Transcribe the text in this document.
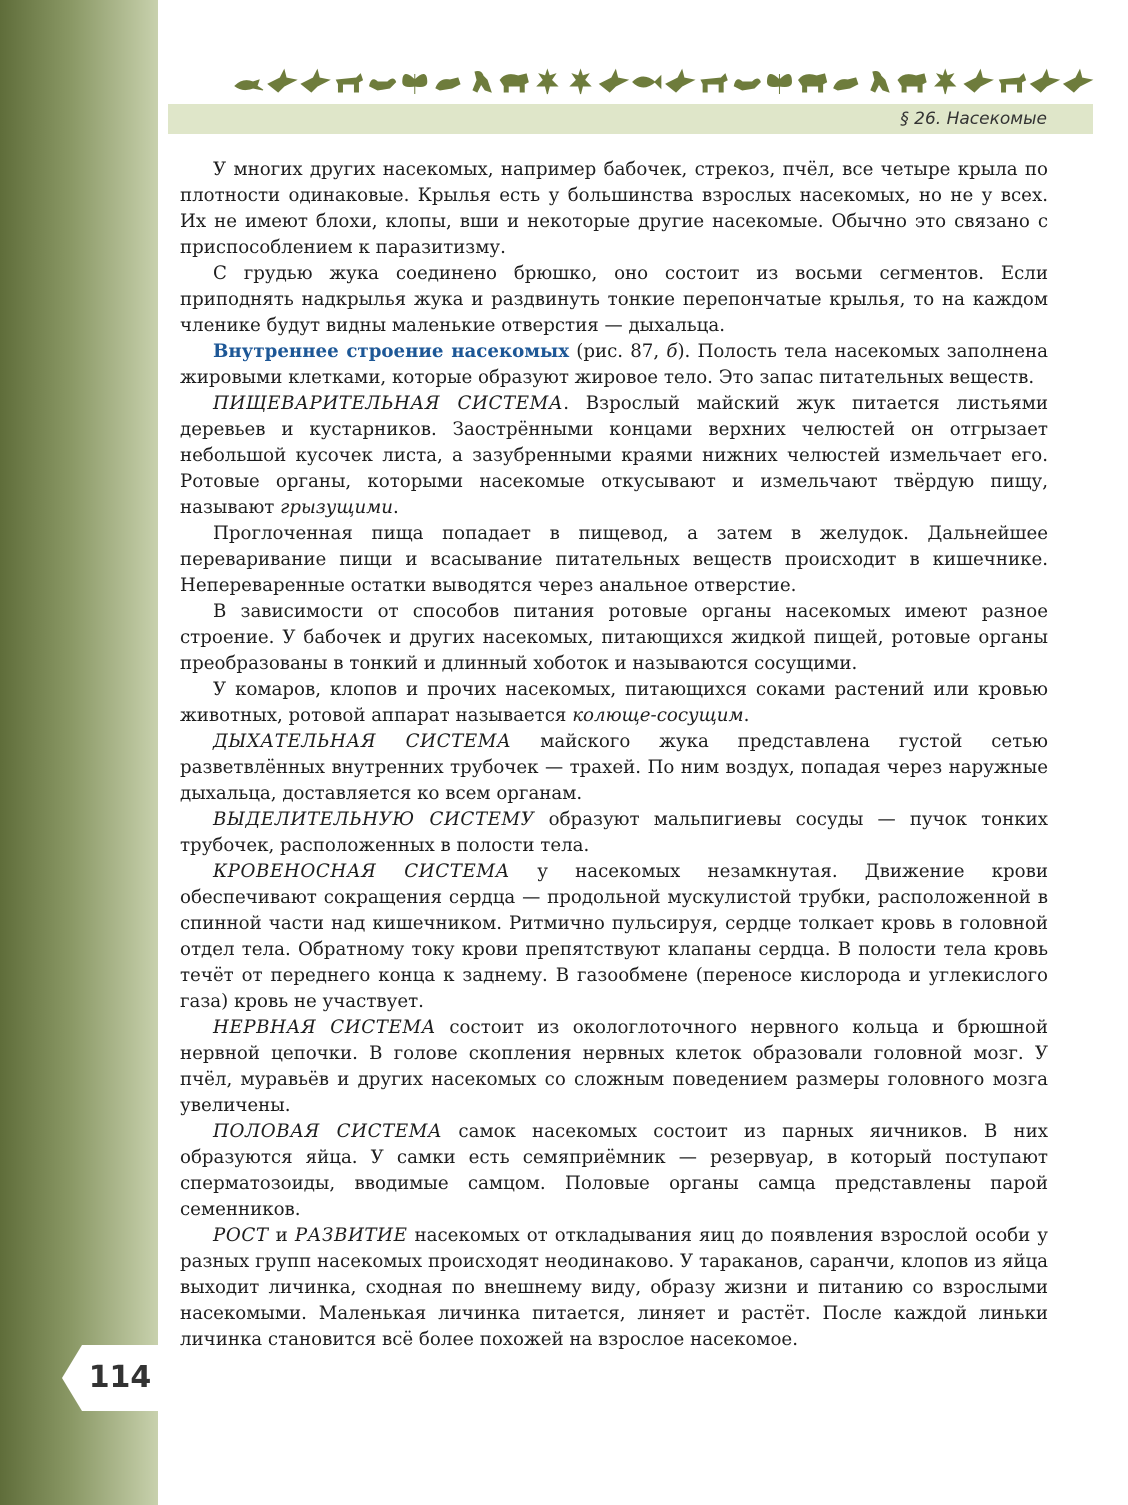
114
§ 26. Насекомые

У многих других насекомых, например бабочек, стрекоз, пчёл, все четыре крыла по плотности одинаковые. Крылья есть у большинства взрослых насекомых, но не у всех. Их не имеют блохи, клопы, вши и некоторые другие насекомые. Обычно это связано с приспособлением к паразитизму.

С грудью жука соединено брюшко, оно состоит из восьми сегментов. Если приподнять надкрылья жука и раздвинуть тонкие перепончатые крылья, то на каждом членике будут видны маленькие отверстия — дыхальца.

Внутреннее строение насекомых (рис. 87, б). Полость тела насекомых заполнена жировыми клетками, которые образуют жировое тело. Это запас питательных веществ.

ПИЩЕВАРИТЕЛЬНАЯ СИСТЕМА. Взрослый майский жук питается листьями деревьев и кустарников. Заострёнными концами верхних челюстей он отгрызает небольшой кусочек листа, а зазубренными краями нижних челюстей измельчает его. Ротовые органы, которыми насекомые откусывают и измельчают твёрдую пищу, называют грызущими.

Проглоченная пища попадает в пищевод, а затем в желудок. Дальнейшее переваривание пищи и всасывание питательных веществ происходит в кишечнике. Непереваренные остатки выводятся через анальное отверстие.

В зависимости от способов питания ротовые органы насекомых имеют разное строение. У бабочек и других насекомых, питающихся жидкой пищей, ротовые органы преобразованы в тонкий и длинный хоботок и называются сосущими.

У комаров, клопов и прочих насекомых, питающихся соками растений или кровью животных, ротовой аппарат называется колюще-сосущим.

ДЫХАТЕЛЬНАЯ СИСТЕМА майского жука представлена густой сетью разветвлённых внутренних трубочек — трахей. По ним воздух, попадая через наружные дыхальца, доставляется ко всем органам.

ВЫДЕЛИТЕЛЬНУЮ СИСТЕМУ образуют мальпигиевы сосуды — пучок тонких трубочек, расположенных в полости тела.

КРОВЕНОСНАЯ СИСТЕМА у насекомых незамкнутая. Движение крови обеспечивают сокращения сердца — продольной мускулистой трубки, расположенной в спинной части над кишечником. Ритмично пульсируя, сердце толкает кровь в головной отдел тела. Обратному току крови препятствуют клапаны сердца. В полости тела кровь течёт от переднего конца к заднему. В газообмене (переносе кислорода и углекислого газа) кровь не участвует.

НЕРВНАЯ СИСТЕМА состоит из окологлоточного нервного кольца и брюшной нервной цепочки. В голове скопления нервных клеток образовали головной мозг. У пчёл, муравьёв и других насекомых со сложным поведением размеры головного мозга увеличены.

ПОЛОВАЯ СИСТЕМА самок насекомых состоит из парных яичников. В них образуются яйца. У самки есть семяприёмник — резервуар, в который поступают сперматозоиды, вводимые самцом. Половые органы самца представлены парой семенников.

РОСТ и РАЗВИТИЕ насекомых от откладывания яиц до появления взрослой особи у разных групп насекомых происходят неодинаково. У тараканов, саранчи, клопов из яйца выходит личинка, сходная по внешнему виду, образу жизни и питанию со взрослыми насекомыми. Маленькая личинка питается, линяет и растёт. После каждой линьки личинка становится всё более похожей на взрослое насекомое.
